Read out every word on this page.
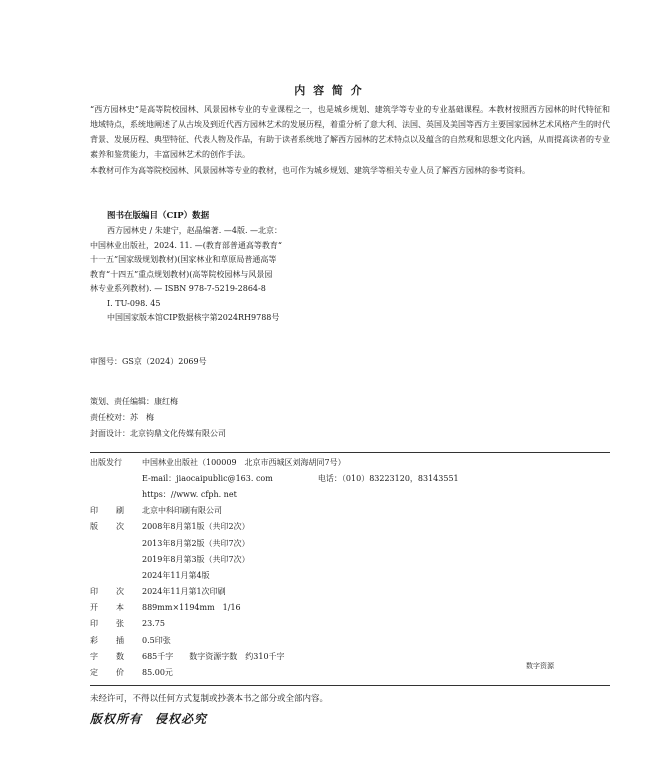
内 容 简 介
“西方园林史”是高等院校园林、风景园林专业的专业课程之一，也是城乡规划、建筑学等专业的专业基础课程。本教材按照西方园林的时代特征和地域特点，系统地阐述了从古埃及到近代西方园林艺术的发展历程，着重分析了意大利、法国、英国及美国等西方主要国家园林艺术风格产生的时代背景、发展历程、典型特征、代表人物及作品，有助于读者系统地了解西方园林的艺术特点以及蕴含的自然观和思想文化内涵，从而提高读者的专业素养和鉴赏能力，丰富园林艺术的创作手法。
本教材可作为高等院校园林、风景园林等专业的教材，也可作为城乡规划、建筑学等相关专业人员了解西方园林的参考资料。
图书在版编目（CIP）数据
西方园林史 / 朱建宁，赵晶编著. —4版. —北京：
中国林业出版社，2024. 11. —(教育部普通高等教育“
十一五”国家级规划教材)(国家林业和草原局普通高等
教育“十四五”重点规划教材)(高等院校园林与风景园
林专业系列教材). — ISBN 978-7-5219-2864-8
Ⅰ. TU-098. 45
中国国家版本馆CIP数据核字第2024RH9788号
审图号：GS京（2024）2069号
策划、责任编辑：康红梅
责任校对：苏　梅
封面设计：北京钧鼎文化传媒有限公司
出版发行	中国林业出版社（100009　北京市西城区刘海胡同7号）
	E-mail：jiaocaipublic@163. com 电话：（010）83223120，83143551
	https：//www. cfph. net
印 刷	北京中科印刷有限公司
版 次	2008年8月第1版（共印2次）
	2013年8月第2版（共印7次）
	2019年8月第3版（共印7次）
	2024年11月第4版
印 次	2024年11月第1次印刷
开 本	889mm×1194mm　1/16
印 张	23.75
彩 插	0.5印张
字 数	685千字　　数字资源字数　约310千字
定 价	85.00元
数字资源
未经许可，不得以任何方式复制或抄袭本书之部分或全部内容。
版权所有　侵权必究
